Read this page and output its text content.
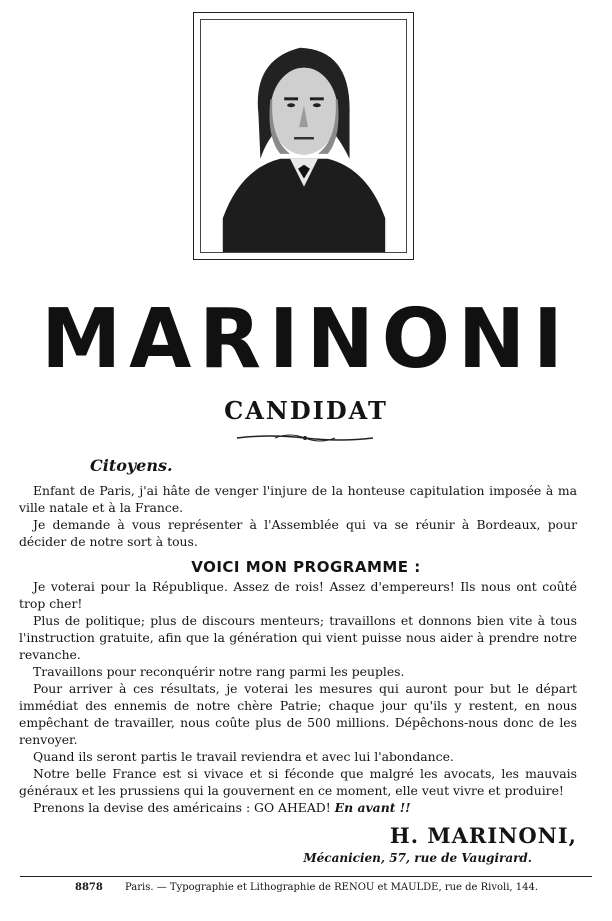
MARINONI
CANDIDAT
Citoyens.

Enfant de Paris, j'ai hâte de venger l'injure de la honteuse capitulation imposée à ma ville natale et à la France.

Je demande à vous représenter à l'Assemblée qui va se réunir à Bordeaux, pour décider de notre sort à tous.

VOICI MON PROGRAMME :

Je voterai pour la République. Assez de rois! Assez d'empereurs! Ils nous ont coûté trop cher!

Plus de politique; plus de discours menteurs; travaillons et donnons bien vite à tous l'instruction gratuite, afin que la génération qui vient puisse nous aider à prendre notre revanche.

Travaillons pour reconquérir notre rang parmi les peuples.

Pour arriver à ces résultats, je voterai les mesures qui auront pour but le départ immédiat des ennemis de notre chère Patrie; chaque jour qu'ils y restent, en nous empêchant de travailler, nous coûte plus de 500 millions. Dépêchons-nous donc de les renvoyer.

Quand ils seront partis le travail reviendra et avec lui l'abondance.

Notre belle France est si vivace et si féconde que malgré les avocats, les mauvais généraux et les prussiens qui la gouvernent en ce moment, elle veut vivre et produire!

Prenons la devise des américains : GO AHEAD! En avant !!

H. MARINONI,
Mécanicien, 57, rue de Vaugirard.
8878 Paris. — Typographie et Lithographie de RENOU et MAULDE, rue de Rivoli, 144.
